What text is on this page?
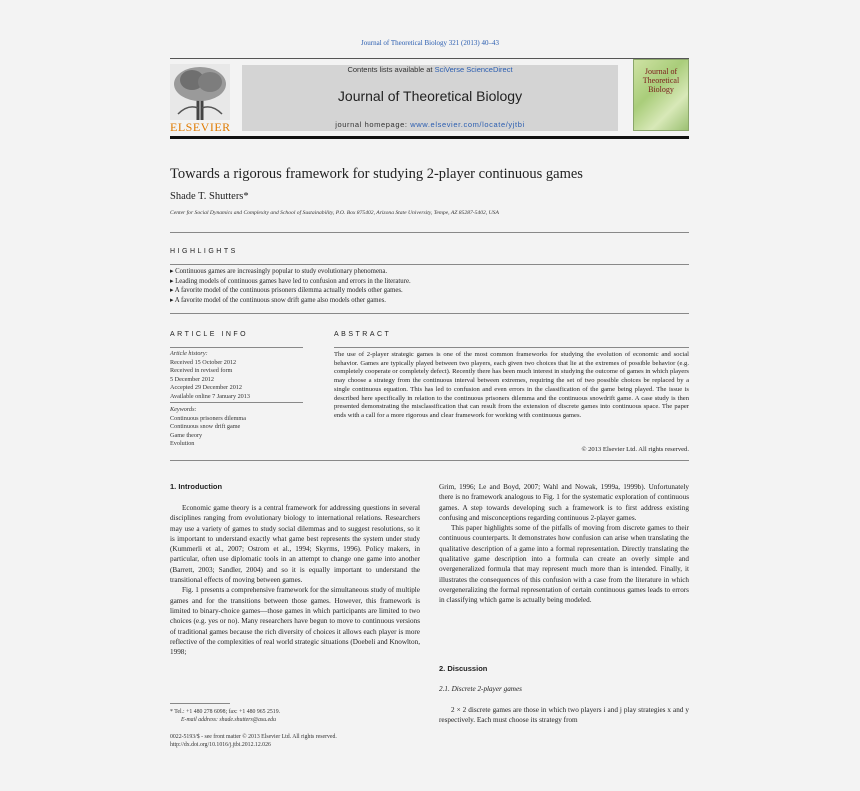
Journal of Theoretical Biology 321 (2013) 40–43
ELSEVIER
Contents lists available at SciVerse ScienceDirect
Journal of Theoretical Biology
journal homepage: www.elsevier.com/locate/yjtbi
Journal of Theoretical Biology
Towards a rigorous framework for studying 2-player continuous games
Shade T. Shutters*
Center for Social Dynamics and Complexity and School of Sustainability, P.O. Box 875402, Arizona State University, Tempe, AZ 85287-5402, USA
HIGHLIGHTS
▸ Continuous games are increasingly popular to study evolutionary phenomena.
▸ Leading models of continuous games have led to confusion and errors in the literature.
▸ A favorite model of the continuous prisoners dilemma actually models other games.
▸ A favorite model of the continuous snow drift game also models other games.
ARTICLE INFO
Article history:
Received 15 October 2012
Received in revised form
5 December 2012
Accepted 29 December 2012
Available online 7 January 2013
Keywords:
Continuous prisoners dilemma
Continuous snow drift game
Game theory
Evolution
ABSTRACT
The use of 2-player strategic games is one of the most common frameworks for studying the evolution of economic and social behavior. Games are typically played between two players, each given two choices that lie at the extremes of possible behavior (e.g. completely cooperate or completely defect). Recently there has been much interest in studying the outcome of games in which players may choose a strategy from the continuous interval between extremes, requiring the set of two possible choices be replaced by a single continuous equation. This has led to confusion and even errors in the classification of the game being played. The issue is described here specifically in relation to the continuous prisoners dilemma and the continuous snowdrift game. A case study is then presented demonstrating the misclassification that can result from the extension of discrete games into continuous space. The paper ends with a call for a more rigorous and clear framework for working with continuous games.
© 2013 Elsevier Ltd. All rights reserved.
1. Introduction

Economic game theory is a central framework for addressing questions in several disciplines ranging from evolutionary biology to international relations. Researchers may use a variety of games to study social dilemmas and to suggest resolutions, so it is important to understand exactly what game best represents the system under study (Kummerli et al., 2007; Ostrom et al., 1994; Skyrms, 1996). Policy makers, in particular, often use diplomatic tools in an attempt to change one game into another (Barrett, 2003; Sandler, 2004) and so it is equally important to understand the transitional effects of moving between games.

Fig. 1 presents a comprehensive framework for the simultaneous study of multiple games and for the transitions between those games. However, this framework is limited to binary-choice games—those games in which participants are limited to two choices (e.g. yes or no). Many researchers have begun to move to continuous versions of traditional games because the rich diversity of choices it allows each player is more reflective of the complexities of real world strategic situations (Doebeli and Knowlton, 1998;

Grim, 1996; Le and Boyd, 2007; Wahl and Nowak, 1999a, 1999b). Unfortunately there is no framework analogous to Fig. 1 for the systematic exploration of continuous games. A step towards developing such a framework is to first address existing confusing and misconceptions regarding continuous 2-player games.

This paper highlights some of the pitfalls of moving from discrete games to their continuous counterparts. It demonstrates how confusion can arise when translating the qualitative description of a game into a formal representation. Directly translating the qualitative game description into a formula can create an overly simple and overgeneralized formula that may represent much more than is intended. Finally, it illustrates the consequences of this confusion with a case from the literature in which overgeneralizing the formal representation of certain continuous games leads to errors in classifying which game is actually being modeled.

2. Discussion
2.1. Discrete 2-player games

2 × 2 discrete games are those in which two players i and j play strategies x and y respectively. Each must choose its strategy from

* Tel.: +1 480 278 6098; fax: +1 480 965 2519.
E-mail address: shade.shutters@asu.edu
0022-5193/$ - see front matter © 2013 Elsevier Ltd. All rights reserved.
http://dx.doi.org/10.1016/j.jtbi.2012.12.026
